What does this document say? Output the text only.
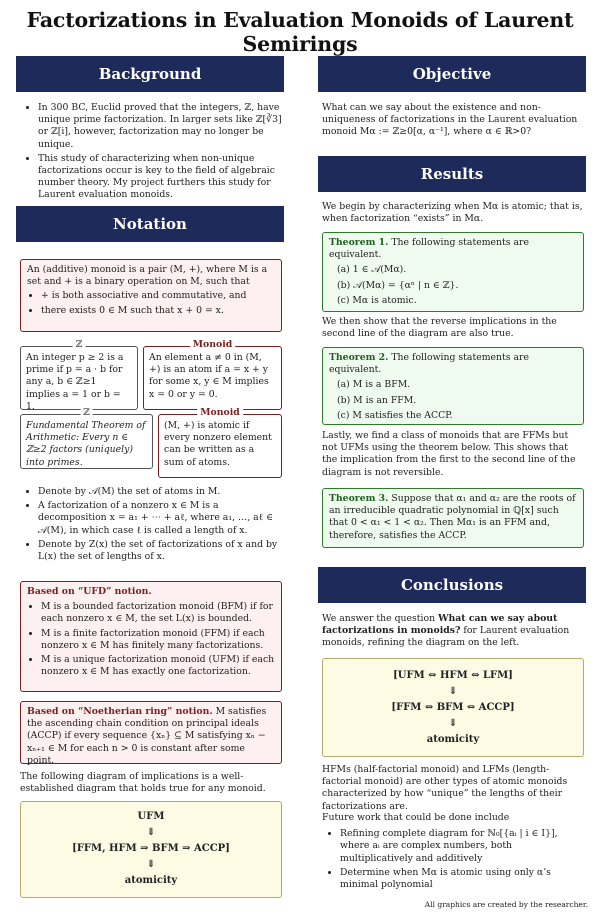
Factorizations in Evaluation Monoids of Laurent Semirings
Background
• In 300 BC, Euclid proved that the integers, ℤ, have unique prime factorization. In larger sets like ℤ[∛3] or ℤ[i], however, factorization may no longer be unique.
• This study of characterizing when non-unique factorizations occur is key to the field of algebraic number theory. My project furthers this study for Laurent evaluation monoids.
Notation
An (additive) monoid is a pair (M, +), where M is a set and + is a binary operation on M, such that
• + is both associative and commutative, and
• there exists 0 ∈ M such that x + 0 = x.
ℤ
An integer p ≥ 2 is a prime if p = a · b for any a, b ∈ ℤ≥1 implies a = 1 or b = 1.
Monoid
An element a ≠ 0 in (M, +) is an atom if a = x + y for some x, y ∈ M implies x = 0 or y = 0.
ℤ
Fundamental Theorem of Arithmetic: Every n ∈ ℤ≥2 factors (uniquely) into primes.
Monoid
(M, +) is atomic if every nonzero element can be written as a sum of atoms.
• Denote by 𝒜(M) the set of atoms in M.
• A factorization of a nonzero x ∈ M is a decomposition x = a₁ + ⋯ + aℓ, where a₁, …, aℓ ∈ 𝒜(M), in which case ℓ is called a length of x.
• Denote by Z(x) the set of factorizations of x and by L(x) the set of lengths of x.
Based on “UFD” notion.
• M is a bounded factorization monoid (BFM) if for each nonzero x ∈ M, the set L(x) is bounded.
• M is a finite factorization monoid (FFM) if each nonzero x ∈ M has finitely many factorizations.
• M is a unique factorization monoid (UFM) if each nonzero x ∈ M has exactly one factorization.
Based on “Noetherian ring” notion. M satisfies the ascending chain condition on principal ideals (ACCP) if every sequence {xₙ} ⊆ M satisfying xₙ − xₙ₊₁ ∈ M for each n > 0 is constant after some point.
The following diagram of implications is a well-established diagram that holds true for any monoid.
UFM
⇓
[FFM, HFM ⇒ BFM ⇒ ACCP]
⇓
atomicity
Objective
What can we say about the existence and non-uniqueness of factorizations in the Laurent evaluation monoid Mα := ℤ≥0[α, α⁻¹], where α ∈ ℝ>0?
Results
We begin by characterizing when Mα is atomic; that is, when factorization “exists” in Mα.
Theorem 1. The following statements are equivalent.
(a) 1 ∈ 𝒜(Mα).
(b) 𝒜(Mα) = {αⁿ | n ∈ ℤ}.
(c) Mα is atomic.
We then show that the reverse implications in the second line of the diagram are also true.
Theorem 2. The following statements are equivalent.
(a) M is a BFM.
(b) M is an FFM.
(c) M satisfies the ACCP.
Lastly, we find a class of monoids that are FFMs but not UFMs using the theorem below. This shows that the implication from the first to the second line of the diagram is not reversible.
Theorem 3. Suppose that α₁ and α₂ are the roots of an irreducible quadratic polynomial in ℚ[x] such that 0 < α₁ < 1 < α₂. Then Mα₁ is an FFM and, therefore, satisfies the ACCP.
Conclusions
We answer the question What can we say about factorizations in monoids? for Laurent evaluation monoids, refining the diagram on the left.
[UFM ⇔ HFM ⇔ LFM]
⇓
[FFM ⇔ BFM ⇔ ACCP]
⇓
atomicity
HFMs (half-factorial monoid) and LFMs (length-factorial monoid) are other types of atomic monoids characterized by how “unique” the lengths of their factorizations are.
Future work that could be done include
• Refining complete diagram for ℕ₀[{aᵢ | i ∈ I}], where aᵢ are complex numbers, both multiplicatively and additively
• Determine when Mα is atomic using only α’s minimal polynomial
All graphics are created by the researcher.
